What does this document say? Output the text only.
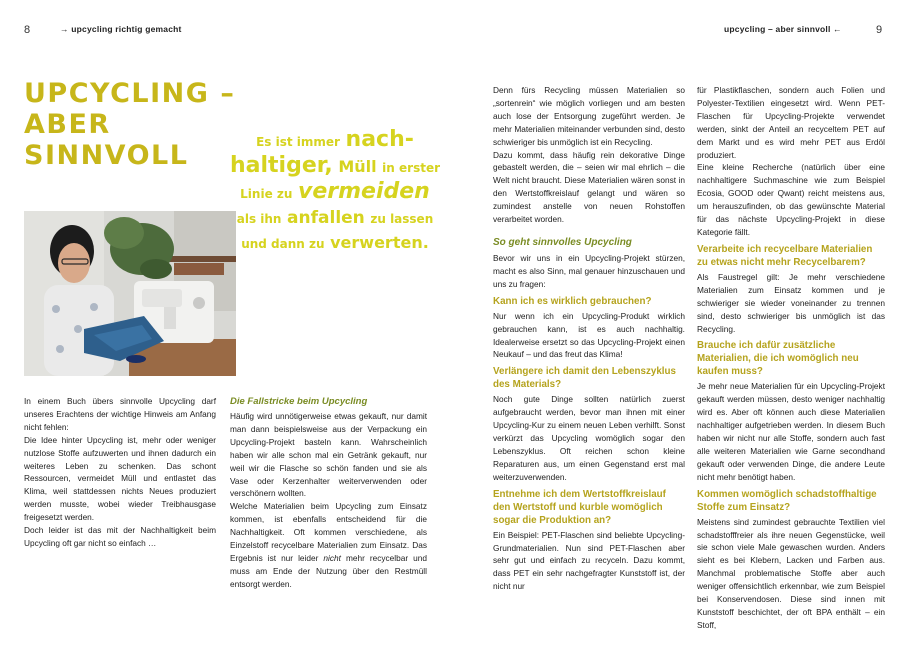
8	→ upcycling richtig gemacht	upcycling – aber sinnvoll ←	9
UPCYCLING – ABER
SINNVOLL	Es ist immer nach-
haltiger, Müll in erster
Linie zu vermeiden
als ihn anfallen zu lassen
und dann zu verwerten.

In einem Buch übers sinnvolle Upcycling darf unseres Erachtens der wichtige Hinweis am Anfang nicht fehlen:

Die Idee hinter Upcycling ist, mehr oder weniger nutzlose Stoffe aufzuwerten und ihnen dadurch ein weiteres Leben zu schenken. Das schont Ressourcen, vermeidet Müll und entlastet das Klima, weil stattdessen nichts Neues produziert werden musste, wobei wieder Treibhausgase freigesetzt werden.

Doch leider ist das mit der Nachhaltigkeit beim Upcycling oft gar nicht so einfach …

Die Fallstricke beim Upcycling

Häufig wird unnötigerweise etwas gekauft, nur damit man dann beispielsweise aus der Verpackung ein Upcycling-Projekt basteln kann. Wahrscheinlich haben wir alle schon mal ein Getränk gekauft, nur weil wir die Flasche so schön fanden und sie als Vase oder Kerzenhalter weiterverwenden oder verschönern wollten.

Welche Materialien beim Upcycling zum Einsatz kommen, ist ebenfalls entscheidend für die Nachhaltigkeit. Oft kommen verschiedene, als Einzelstoff recycelbare Materialien zum Einsatz. Das Ergebnis ist nur leider nicht mehr recycelbar und muss am Ende der Nutzung über den Restmüll entsorgt werden.

Denn fürs Recycling müssen Materialien so „sortenrein“ wie möglich vorliegen und am besten auch lose der Entsorgung zugeführt werden. Je mehr Materialien miteinander verbunden sind, desto schwieriger bis unmöglich ist ein Recycling.

Dazu kommt, dass häufig rein dekorative Dinge gebastelt werden, die – seien wir mal ehrlich – die Welt nicht braucht. Diese Materialien wären sonst in den Wertstoffkreislauf gelangt und wären so zumindest anstelle von neuen Rohstoffen verarbeitet worden.

So geht sinnvolles Upcycling

Bevor wir uns in ein Upcycling-Projekt stürzen, macht es also Sinn, mal genauer hinzuschauen und uns zu fragen:

Kann ich es wirklich gebrauchen?

Nur wenn ich ein Upcycling-Produkt wirklich gebrauchen kann, ist es auch nachhaltig. Idealerweise ersetzt so das Upcycling-Projekt einen Neukauf – und das freut das Klima!

Verlängere ich damit den Lebenszyklus des Materials?

Noch gute Dinge sollten natürlich zuerst aufgebraucht werden, bevor man ihnen mit einer Upcycling-Kur zu einem neuen Leben verhilft. Sonst verkürzt das Upcycling womöglich sogar den Lebenszyklus. Oft reichen schon kleine Reparaturen aus, um einen Gegenstand erst mal weiterzuverwenden.

Entnehme ich dem Wertstoffkreislauf den Wertstoff und kurble womöglich sogar die Produktion an?

Ein Beispiel: PET-Flaschen sind beliebte Upcycling-Grundmaterialien. Nun sind PET-Flaschen aber sehr gut und einfach zu recyceln. Dazu kommt, dass PET ein sehr nachgefragter Kunststoff ist, der nicht nur

für Plastikflaschen, sondern auch Folien und Polyester-Textilien eingesetzt wird. Wenn PET-Flaschen für Upcycling-Projekte verwendet werden, sinkt der Anteil an recyceltem PET auf dem Markt und es wird mehr PET aus Erdöl produziert.

Eine kleine Recherche (natürlich über eine nachhaltigere Suchmaschine wie zum Beispiel Ecosia, GOOD oder Qwant) reicht meistens aus, um herauszufinden, ob das gewünschte Material für das nächste Upcycling-Projekt in diese Kategorie fällt.

Verarbeite ich recycelbare Materialien zu etwas nicht mehr Recycelbarem?

Als Faustregel gilt: Je mehr verschiedene Materialien zum Einsatz kommen und je schwieriger sie wieder voneinander zu trennen sind, desto schwieriger bis unmöglich ist das Recycling.

Brauche ich dafür zusätzliche Materialien, die ich womöglich neu kaufen muss?

Je mehr neue Materialien für ein Upcycling-Projekt gekauft werden müssen, desto weniger nachhaltig wird es. Aber oft können auch diese Materialien nachhaltiger aufgetrieben werden. In diesem Buch haben wir nicht nur alle Stoffe, sondern auch fast alle weiteren Materialien wie Garne secondhand gekauft oder verwenden Dinge, die andere Leute nicht mehr benötigt haben.

Kommen womöglich schadstoffhaltige Stoffe zum Einsatz?

Meistens sind zumindest gebrauchte Textilien viel schadstofffreier als ihre neuen Gegenstücke, weil sie schon viele Male gewaschen wurden. Anders sieht es bei Klebern, Lacken und Farben aus. Manchmal problematische Stoffe aber auch weniger offensichtlich erkennbar, wie zum Beispiel bei Konservendosen. Diese sind innen mit Kunststoff beschichtet, der oft BPA enthält – ein Stoff,
